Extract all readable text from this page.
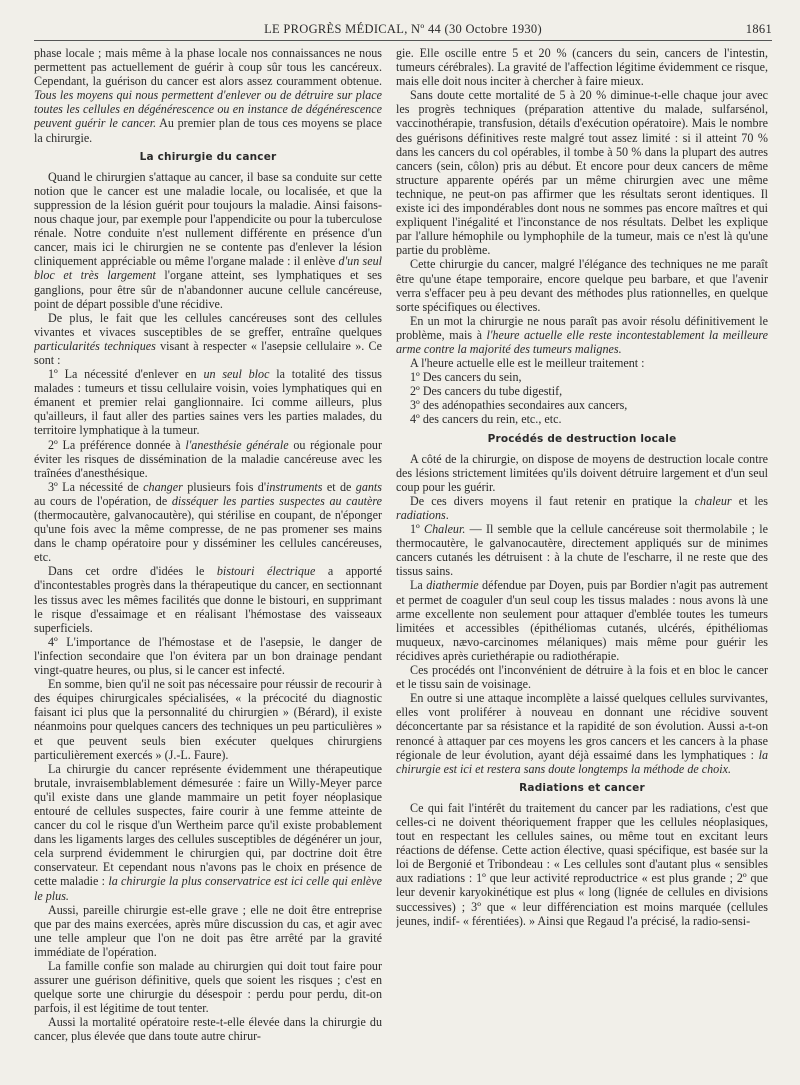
LE PROGRÈS MÉDICAL, Nº 44 (30 Octobre 1930)	1861

phase locale ; mais même à la phase locale nos connaissances ne nous permettent pas actuellement de guérir à coup sûr tous les cancéreux. Cependant, la guérison du cancer est alors assez couramment obtenue. Tous les moyens qui nous permettent d'enlever ou de détruire sur place toutes les cellules en dégénérescence ou en instance de dégénérescence peuvent guérir le cancer. Au premier plan de tous ces moyens se place la chirurgie.

La chirurgie du cancer

Quand le chirurgien s'attaque au cancer, il base sa conduite sur cette notion que le cancer est une maladie locale, ou localisée, et que la suppression de la lésion guérit pour toujours la maladie. Ainsi faisons-nous chaque jour, par exemple pour l'appendicite ou pour la tuberculose rénale. Notre conduite n'est nullement différente en présence d'un cancer, mais ici le chirurgien ne se contente pas d'enlever la lésion cliniquement appréciable ou même l'organe malade : il enlève d'un seul bloc et très largement l'organe atteint, ses lymphatiques et ses ganglions, pour être sûr de n'abandonner aucune cellule cancéreuse, point de départ possible d'une récidive.

De plus, le fait que les cellules cancéreuses sont des cellules vivantes et vivaces susceptibles de se greffer, entraîne quelques particularités techniques visant à respecter « l'asepsie cellulaire ». Ce sont :

1º La nécessité d'enlever en un seul bloc la totalité des tissus malades : tumeurs et tissu cellulaire voisin, voies lymphatiques qui en émanent et premier relai ganglionnaire. Ici comme ailleurs, plus qu'ailleurs, il faut aller des parties saines vers les parties malades, du territoire lymphatique à la tumeur.

2º La préférence donnée à l'anesthésie générale ou régionale pour éviter les risques de dissémination de la maladie cancéreuse avec les traînées d'anesthésique.

3º La nécessité de changer plusieurs fois d'instruments et de gants au cours de l'opération, de disséquer les parties suspectes au cautère (thermocautère, galvanocautère), qui stérilise en coupant, de n'éponger qu'une fois avec la même compresse, de ne pas promener ses mains dans le champ opératoire pour y disséminer les cellules cancéreuses, etc.

Dans cet ordre d'idées le bistouri électrique a apporté d'incontestables progrès dans la thérapeutique du cancer, en sectionnant les tissus avec les mêmes facilités que donne le bistouri, en supprimant le risque d'essaimage et en réalisant l'hémostase des vaisseaux superficiels.

4º L'importance de l'hémostase et de l'asepsie, le danger de l'infection secondaire que l'on évitera par un bon drainage pendant vingt-quatre heures, ou plus, si le cancer est infecté.

En somme, bien qu'il ne soit pas nécessaire pour réussir de recourir à des équipes chirurgicales spécialisées, « la précocité du diagnostic faisant ici plus que la personnalité du chirurgien » (Bérard), il existe néanmoins pour quelques cancers des techniques un peu particulières » et que peuvent seuls bien exécuter quelques chirurgiens particulièrement exercés » (J.-L. Faure).

La chirurgie du cancer représente évidemment une thérapeutique brutale, invraisemblablement démesurée : faire un Willy-Meyer parce qu'il existe dans une glande mammaire un petit foyer néoplasique entouré de cellules suspectes, faire courir à une femme atteinte de cancer du col le risque d'un Wertheim parce qu'il existe probablement dans les ligaments larges des cellules susceptibles de dégénérer un jour, cela surprend évidemment le chirurgien qui, par doctrine doit être conservateur. Et cependant nous n'avons pas le choix en présence de cette maladie : la chirurgie la plus conservatrice est ici celle qui enlève le plus.

Aussi, pareille chirurgie est-elle grave ; elle ne doit être entreprise que par des mains exercées, après mûre discussion du cas, et agir avec une telle ampleur que l'on ne doit pas être arrêté par la gravité immédiate de l'opération.

La famille confie son malade au chirurgien qui doit tout faire pour assurer une guérison définitive, quels que soient les risques ; c'est en quelque sorte une chirurgie du désespoir : perdu pour perdu, dit-on parfois, il est légitime de tout tenter.

Aussi la mortalité opératoire reste-t-elle élevée dans la chirurgie du cancer, plus élevée que dans toute autre chirur-

gie. Elle oscille entre 5 et 20 % (cancers du sein, cancers de l'intestin, tumeurs cérébrales). La gravité de l'affection légitime évidemment ce risque, mais elle doit nous inciter à chercher à faire mieux.

Sans doute cette mortalité de 5 à 20 % diminue-t-elle chaque jour avec les progrès techniques (préparation attentive du malade, sulfarsénol, vaccinothérapie, transfusion, détails d'exécution opératoire). Mais le nombre des guérisons définitives reste malgré tout assez limité : si il atteint 70 % dans les cancers du col opérables, il tombe à 50 % dans la plupart des autres cancers (sein, côlon) pris au début. Et encore pour deux cancers de même structure apparente opérés par un même chirurgien avec une même technique, ne peut-on pas affirmer que les résultats seront identiques. Il existe ici des impondérables dont nous ne sommes pas encore maîtres et qui expliquent l'inégalité et l'inconstance de nos résultats. Delbet les explique par l'allure hémophile ou lymphophile de la tumeur, mais ce n'est là qu'une partie du problème.

Cette chirurgie du cancer, malgré l'élégance des techniques ne me paraît être qu'une étape temporaire, encore quelque peu barbare, et que l'avenir verra s'effacer peu à peu devant des méthodes plus rationnelles, en quelque sorte spécifiques ou électives.

En un mot la chirurgie ne nous paraît pas avoir résolu définitivement le problème, mais à l'heure actuelle elle reste incontestablement la meilleure arme contre la majorité des tumeurs malignes.

A l'heure actuelle elle est le meilleur traitement :

1º Des cancers du sein,

2º Des cancers du tube digestif,

3º des adénopathies secondaires aux cancers,

4º des cancers du rein, etc., etc.

Procédés de destruction locale

A côté de la chirurgie, on dispose de moyens de destruction locale contre des lésions strictement limitées qu'ils doivent détruire largement et d'un seul coup pour les guérir.

De ces divers moyens il faut retenir en pratique la chaleur et les radiations.

1º Chaleur. — Il semble que la cellule cancéreuse soit thermolabile ; le thermocautère, le galvanocautère, directement appliqués sur de minimes cancers cutanés les détruisent : à la chute de l'escharre, il ne reste que des tissus sains.

La diathermie défendue par Doyen, puis par Bordier n'agit pas autrement et permet de coaguler d'un seul coup les tissus malades : nous avons là une arme excellente non seulement pour attaquer d'emblée toutes les tumeurs limitées et accessibles (épithéliomas cutanés, ulcérés, épithéliomas muqueux, nævo-carcinomes mélaniques) mais même pour guérir les récidives après curiethérapie ou radiothérapie.

Ces procédés ont l'inconvénient de détruire à la fois et en bloc le cancer et le tissu sain de voisinage.

En outre si une attaque incomplète a laissé quelques cellules survivantes, elles vont proliférer à nouveau en donnant une récidive souvent déconcertante par sa résistance et la rapidité de son évolution. Aussi a-t-on renoncé à attaquer par ces moyens les gros cancers et les cancers à la phase régionale de leur évolution, ayant déjà essaimé dans les lymphatiques : la chirurgie est ici et restera sans doute longtemps la méthode de choix.

Radiations et cancer

Ce qui fait l'intérêt du traitement du cancer par les radiations, c'est que celles-ci ne doivent théoriquement frapper que les cellules néoplasiques, tout en respectant les cellules saines, ou même tout en excitant leurs réactions de défense. Cette action élective, quasi spécifique, est basée sur la loi de Bergonié et Tribondeau : « Les cellules sont d'autant plus « sensibles aux radiations : 1º que leur activité reproductrice « est plus grande ; 2º que leur devenir karyokinétique est plus « long (lignée de cellules en divisions successives) ; 3º que « leur différenciation est moins marquée (cellules jeunes, indif- « férentiées). » Ainsi que Regaud l'a précisé, la radio-sensi-
